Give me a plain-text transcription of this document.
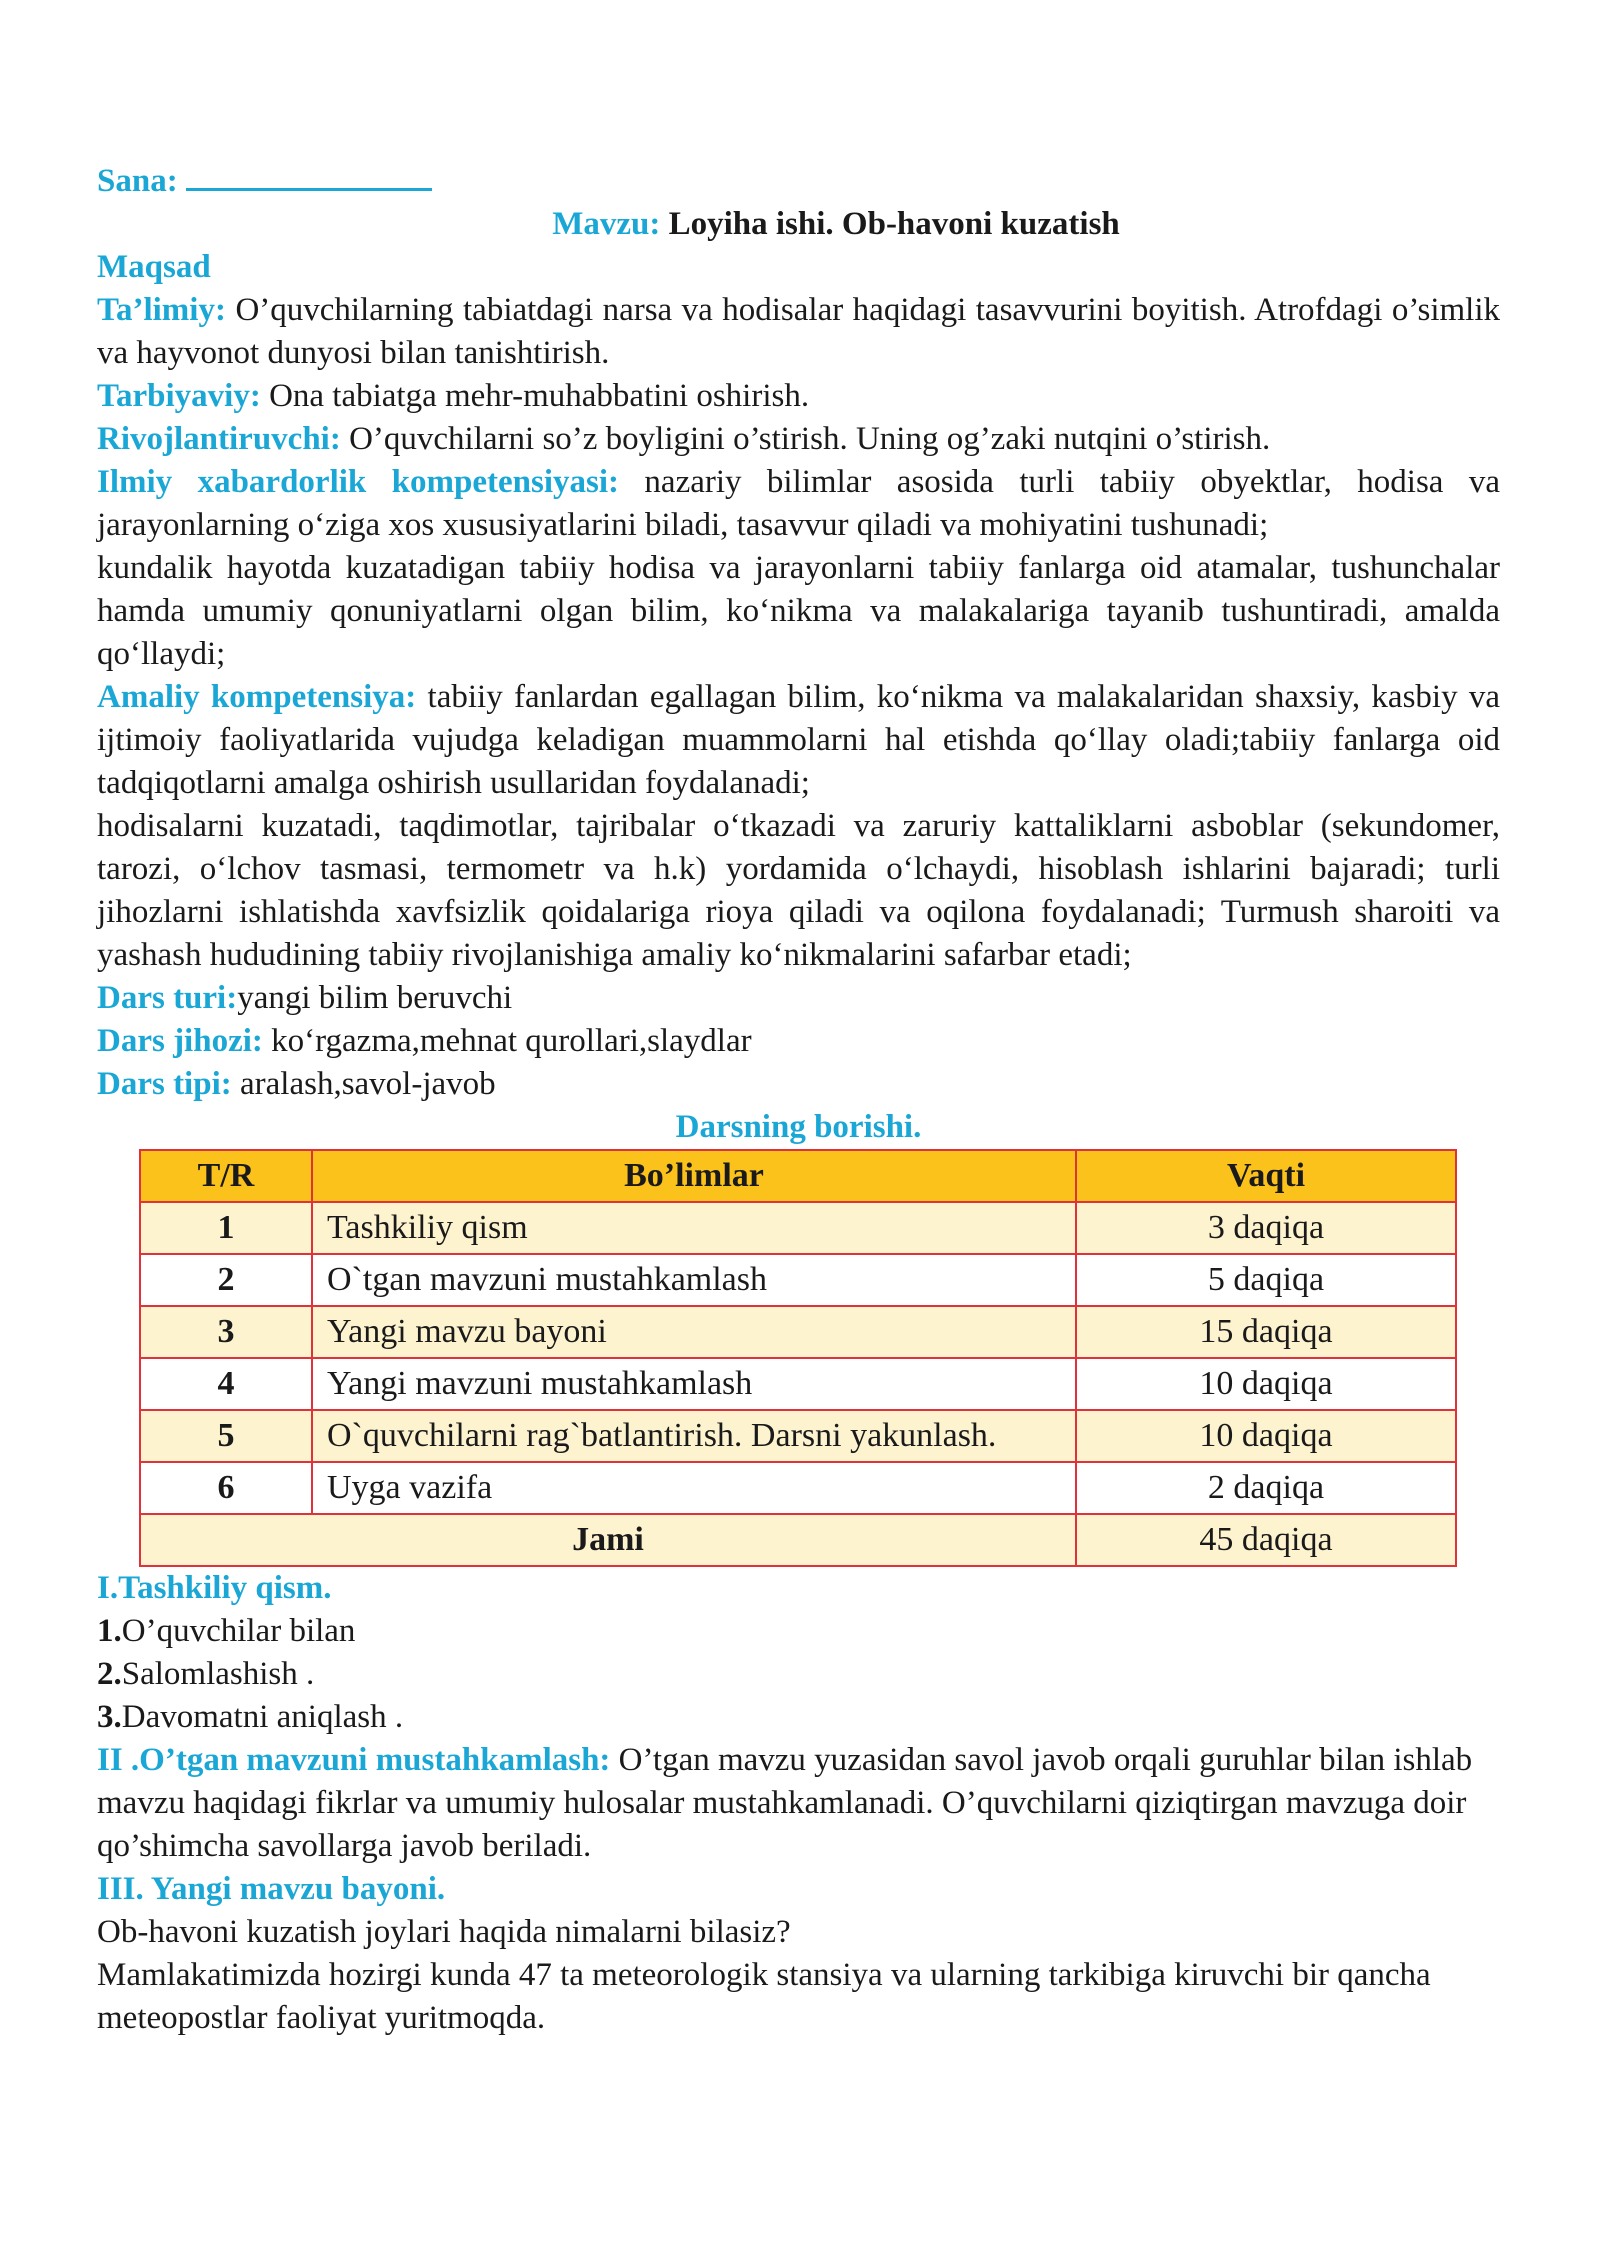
Sana:

Mavzu: Loyiha ishi. Ob-havoni kuzatish

Maqsad

Ta’limiy: O’quvchilarning tabiatdagi narsa va hodisalar haqidagi tasavvurini boyitish. Atrofdagi o’simlik va hayvonot dunyosi bilan tanishtirish.

Tarbiyaviy: Ona tabiatga mehr-muhabbatini oshirish.

Rivojlantiruvchi: O’quvchilarni so’z boyligini o’stirish. Uning og’zaki nutqini o’stirish.

Ilmiy xabardorlik kompetensiyasi: nazariy bilimlar asosida turli tabiiy obyektlar, hodisa va jarayonlarning o‘ziga xos xususiyatlarini biladi, tasavvur qiladi va mohiyatini tushunadi;

kundalik hayotda kuzatadigan tabiiy hodisa va jarayonlarni tabiiy fanlarga oid atamalar, tushunchalar hamda umumiy qonuniyatlarni olgan bilim, ko‘nikma va malakalariga tayanib tushuntiradi, amalda qo‘llaydi;

Amaliy kompetensiya: tabiiy fanlardan egallagan bilim, ko‘nikma va malakalaridan shaxsiy, kasbiy va ijtimoiy faoliyatlarida vujudga keladigan muammolarni hal etishda qo‘llay oladi;tabiiy fanlarga oid tadqiqotlarni amalga oshirish usullaridan foydalanadi;

hodisalarni kuzatadi, taqdimotlar, tajribalar o‘tkazadi va zaruriy kattaliklarni asboblar (sekundomer, tarozi, o‘lchov tasmasi, termometr va h.k) yordamida o‘lchaydi, hisoblash ishlarini bajaradi; turli jihozlarni ishlatishda xavfsizlik qoidalariga rioya qiladi va oqilona foydalanadi; Turmush sharoiti va yashash hududining tabiiy rivojlanishiga amaliy ko‘nikmalarini safarbar etadi;

Dars turi:yangi bilim beruvchi

Dars jihozi: ko‘rgazma,mehnat qurollari,slaydlar

Dars tipi: aralash,savol-javob

Darsning borishi.

T/R	Bo’limlar	Vaqti
1	Tashkiliy qism	3 daqiqa
2	O`tgan mavzuni mustahkamlash	5 daqiqa
3	Yangi mavzu bayoni	15 daqiqa
4	Yangi mavzuni mustahkamlash	10 daqiqa
5	O`quvchilarni rag`batlantirish. Darsni yakunlash.	10 daqiqa
6	Uyga vazifa	2 daqiqa
Jami		45 daqiqa

I.Tashkiliy qism.

1.O’quvchilar bilan

2.Salomlashish .

3.Davomatni aniqlash .

II .O’tgan mavzuni mustahkamlash: O’tgan mavzu yuzasidan savol javob orqali guruhlar bilan ishlab mavzu haqidagi fikrlar va umumiy hulosalar mustahkamlanadi. O’quvchilarni qiziqtirgan mavzuga doir qo’shimcha savollarga javob beriladi.

III. Yangi mavzu bayoni.

Ob-havoni kuzatish joylari haqida nimalarni bilasiz?

Mamlakatimizda hozirgi kunda 47 ta meteorologik stansiya va ularning tarkibiga kiruvchi bir qancha meteopostlar faoliyat yuritmoqda.
